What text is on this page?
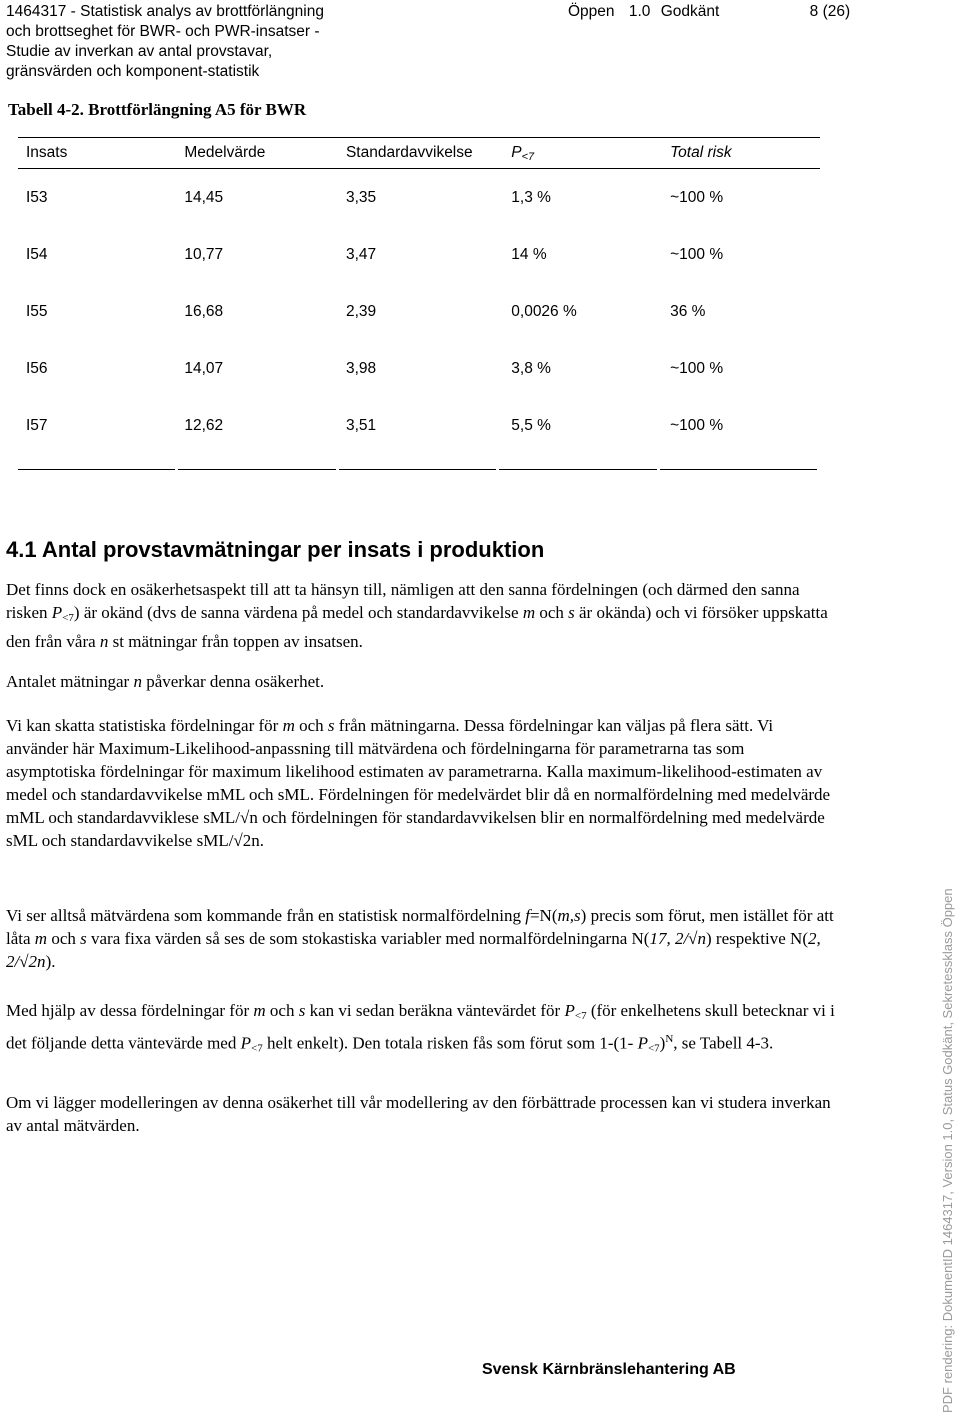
1464317 - Statistisk analys av brottförlängning
och brottseghet för BWR- och PWR-insatser -
Studie av inverkan av antal provstavar,
gränsvärden och komponent-statistik
Öppen 1.0 Godkänt	8 (26)
Tabell 4-2. Brottförlängning A5 för BWR
Insats	Medelvärde	Standardavvikelse	$P_{<7}$	Total risk
I53	14,45	3,35	1,3 %	~100 %
I54	10,77	3,47	14 %	~100 %
I55	16,68	2,39	0,0026 %	36 %
I56	14,07	3,98	3,8 %	~100 %
I57	12,62	3,51	5,5 %	~100 %
4.1 Antal provstavmätningar per insats i produktion
Det finns dock en osäkerhetsaspekt till att ta hänsyn till, nämligen att den sanna fördelningen (och därmed den sanna risken $P_{<7}$) är okänd (dvs de sanna värdena på medel och standardavvikelse m och s är okända) och vi försöker uppskatta den från våra n st mätningar från toppen av insatsen.
Antalet mätningar n påverkar denna osäkerhet.
Vi kan skatta statistiska fördelningar för m och s från mätningarna. Dessa fördelningar kan väljas på flera sätt. Vi använder här Maximum-Likelihood-anpassning till mätvärdena och fördelningarna för parametrarna tas som asymptotiska fördelningar för maximum likelihood estimaten av parametrarna. Kalla maximum-likelihood-estimaten av medel och standardavvikelse mML och sML. Fördelningen för medelvärdet blir då en normalfördelning med medelvärde mML och standardavviklese sML/√n och fördelningen för standardavvikelsen blir en normalfördelning med medelvärde sML och standardavvikelse sML/√2n.
Vi ser alltså mätvärdena som kommande från en statistisk normalfördelning f=N(m,s) precis som förut, men istället för att låta m och s vara fixa värden så ses de som stokastiska variabler med normalfördelningarna N(17, 2/√n) respektive N(2, 2/√2n).
Med hjälp av dessa fördelningar för m och s kan vi sedan beräkna väntevärdet för $P_{<7}$ (för enkelhetens skull betecknar vi i det följande detta väntevärde med $P_{<7}$ helt enkelt). Den totala risken fås som förut som 1-(1- $P_{<7})^N$, se Tabell 4-3.
Om vi lägger modelleringen av denna osäkerhet till vår modellering av den förbättrade processen kan vi studera inverkan av antal mätvärden.
Svensk Kärnbränslehantering AB	PDF rendering: DokumentID 1464317, Version 1.0, Status Godkänt, Sekretessklass Öppen
